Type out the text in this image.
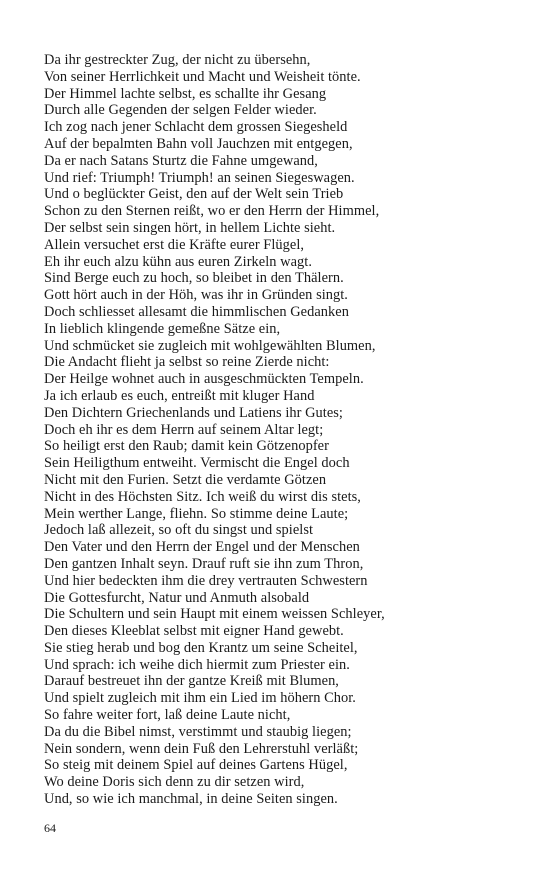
Da ihr gestreckter Zug, der nicht zu übersehn,
Von seiner Herrlichkeit und Macht und Weisheit tönte.
Der Himmel lachte selbst, es schallte ihr Gesang
Durch alle Gegenden der selgen Felder wieder.
Ich zog nach jener Schlacht dem grossen Siegesheld
Auf der bepalmten Bahn voll Jauchzen mit entgegen,
Da er nach Satans Sturtz die Fahne umgewand,
Und rief: Triumph! Triumph! an seinen Siegeswagen.
Und o beglückter Geist, den auf der Welt sein Trieb
Schon zu den Sternen reißt, wo er den Herrn der Himmel,
Der selbst sein singen hört, in hellem Lichte sieht.
Allein versuchet erst die Kräfte eurer Flügel,
Eh ihr euch alzu kühn aus euren Zirkeln wagt.
Sind Berge euch zu hoch, so bleibet in den Thälern.
Gott hört auch in der Höh, was ihr in Gründen singt.
Doch schliesset allesamt die himmlischen Gedanken
In lieblich klingende gemeßne Sätze ein,
Und schmücket sie zugleich mit wohlgewählten Blumen,
Die Andacht flieht ja selbst so reine Zierde nicht:
Der Heilge wohnet auch in ausgeschmückten Tempeln.
Ja ich erlaub es euch, entreißt mit kluger Hand
Den Dichtern Griechenlands und Latiens ihr Gutes;
Doch eh ihr es dem Herrn auf seinem Altar legt;
So heiligt erst den Raub; damit kein Götzenopfer
Sein Heiligthum entweiht. Vermischt die Engel doch
Nicht mit den Furien. Setzt die verdamte Götzen
Nicht in des Höchsten Sitz. Ich weiß du wirst dis stets,
Mein werther Lange, fliehn. So stimme deine Laute;
Jedoch laß allezeit, so oft du singst und spielst
Den Vater und den Herrn der Engel und der Menschen
Den gantzen Inhalt seyn. Drauf ruft sie ihn zum Thron,
Und hier bedeckten ihm die drey vertrauten Schwestern
Die Gottesfurcht, Natur und Anmuth alsobald
Die Schultern und sein Haupt mit einem weissen Schleyer,
Den dieses Kleeblat selbst mit eigner Hand gewebt.
Sie stieg herab und bog den Krantz um seine Scheitel,
Und sprach: ich weihe dich hiermit zum Priester ein.
Darauf bestreuet ihn der gantze Kreiß mit Blumen,
Und spielt zugleich mit ihm ein Lied im höhern Chor.
So fahre weiter fort, laß deine Laute nicht,
Da du die Bibel nimst, verstimmt und staubig liegen;
Nein sondern, wenn dein Fuß den Lehrerstuhl verläßt;
So steig mit deinem Spiel auf deines Gartens Hügel,
Wo deine Doris sich denn zu dir setzen wird,
Und, so wie ich manchmal, in deine Seiten singen.
64
